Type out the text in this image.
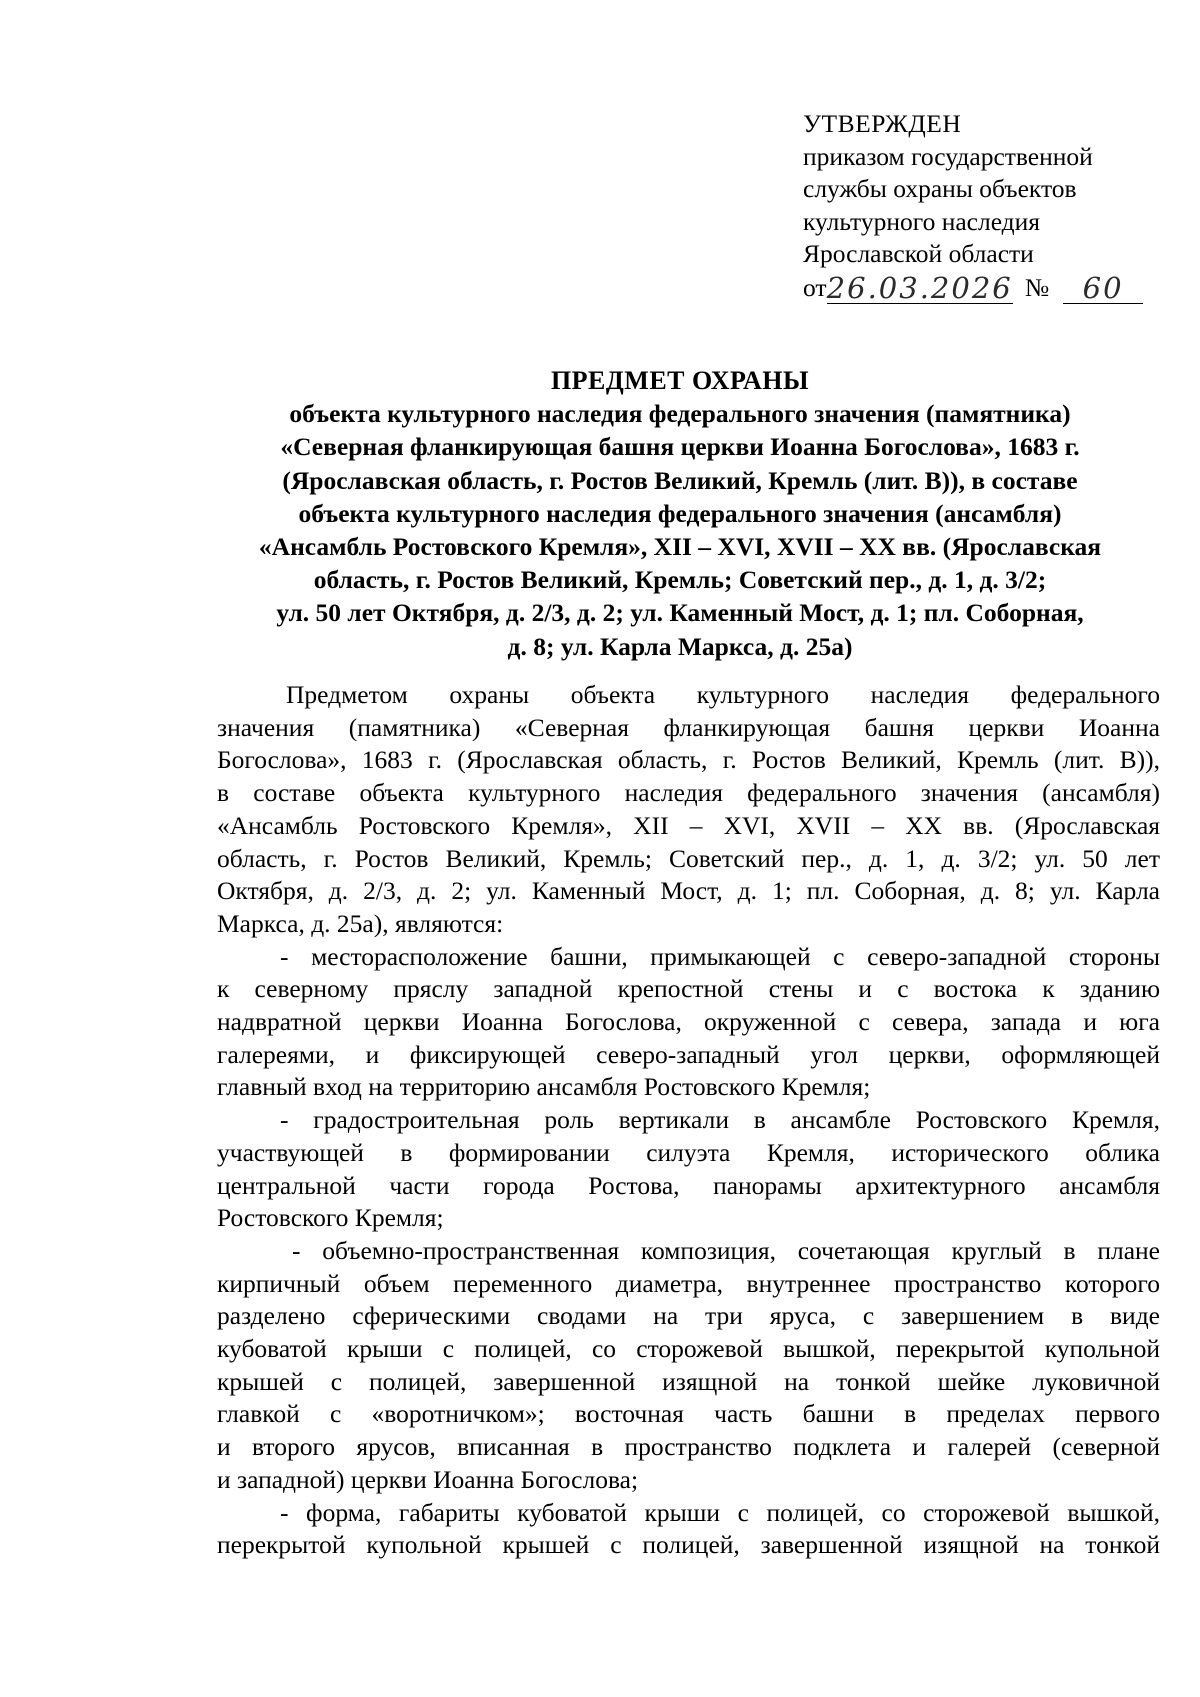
УТВЕРЖДЕН
приказом государственной
службы охраны объектов
культурного наследия
Ярославской области
от 26.03.2026 №	60
ПРЕДМЕТ ОХРАНЫ
объекта культурного наследия федерального значения (памятника)
«Северная фланкирующая башня церкви Иоанна Богослова», 1683 г.
(Ярославская область, г. Ростов Великий, Кремль (лит. В)), в составе
объекта культурного наследия федерального значения (ансамбля)
«Ансамбль Ростовского Кремля», XII – XVI, XVII – XX вв. (Ярославская
область, г. Ростов Великий, Кремль; Советский пер., д. 1, д. 3/2;
ул. 50 лет Октября, д. 2/3, д. 2; ул. Каменный Мост, д. 1; пл. Соборная,
д. 8; ул. Карла Маркса, д. 25а)
Предметом охраны объекта культурного наследия федерального
значения (памятника) «Северная фланкирующая башня церкви Иоанна
Богослова», 1683 г. (Ярославская область, г. Ростов Великий, Кремль (лит. В)),
в составе объекта культурного наследия федерального значения (ансамбля)
«Ансамбль Ростовского Кремля», XII – XVI, XVII – XX вв. (Ярославская
область, г. Ростов Великий, Кремль; Советский пер., д. 1, д. 3/2; ул. 50 лет
Октября, д. 2/3, д. 2; ул. Каменный Мост, д. 1; пл. Соборная, д. 8; ул. Карла
Маркса, д. 25а), являются:
- месторасположение башни, примыкающей с северо-западной стороны
к северному пряслу западной крепостной стены и с востока к зданию
надвратной церкви Иоанна Богослова, окруженной с севера, запада и юга
галереями, и фиксирующей северо-западный угол церкви, оформляющей
главный вход на территорию ансамбля Ростовского Кремля;
- градостроительная роль вертикали в ансамбле Ростовского Кремля,
участвующей в формировании силуэта Кремля, исторического облика
центральной части города Ростова, панорамы архитектурного ансамбля
Ростовского Кремля;
- объемно-пространственная композиция, сочетающая круглый в плане
кирпичный объем переменного диаметра, внутреннее пространство которого
разделено сферическими сводами на три яруса, с завершением в виде
кубоватой крыши с полицей, со сторожевой вышкой, перекрытой купольной
крышей с полицей, завершенной изящной на тонкой шейке луковичной
главкой с «воротничком»; восточная часть башни в пределах первого
и второго ярусов, вписанная в пространство подклета и галерей (северной
и западной) церкви Иоанна Богослова;
- форма, габариты кубоватой крыши с полицей, со сторожевой вышкой,
перекрытой купольной крышей с полицей, завершенной изящной на тонкой
